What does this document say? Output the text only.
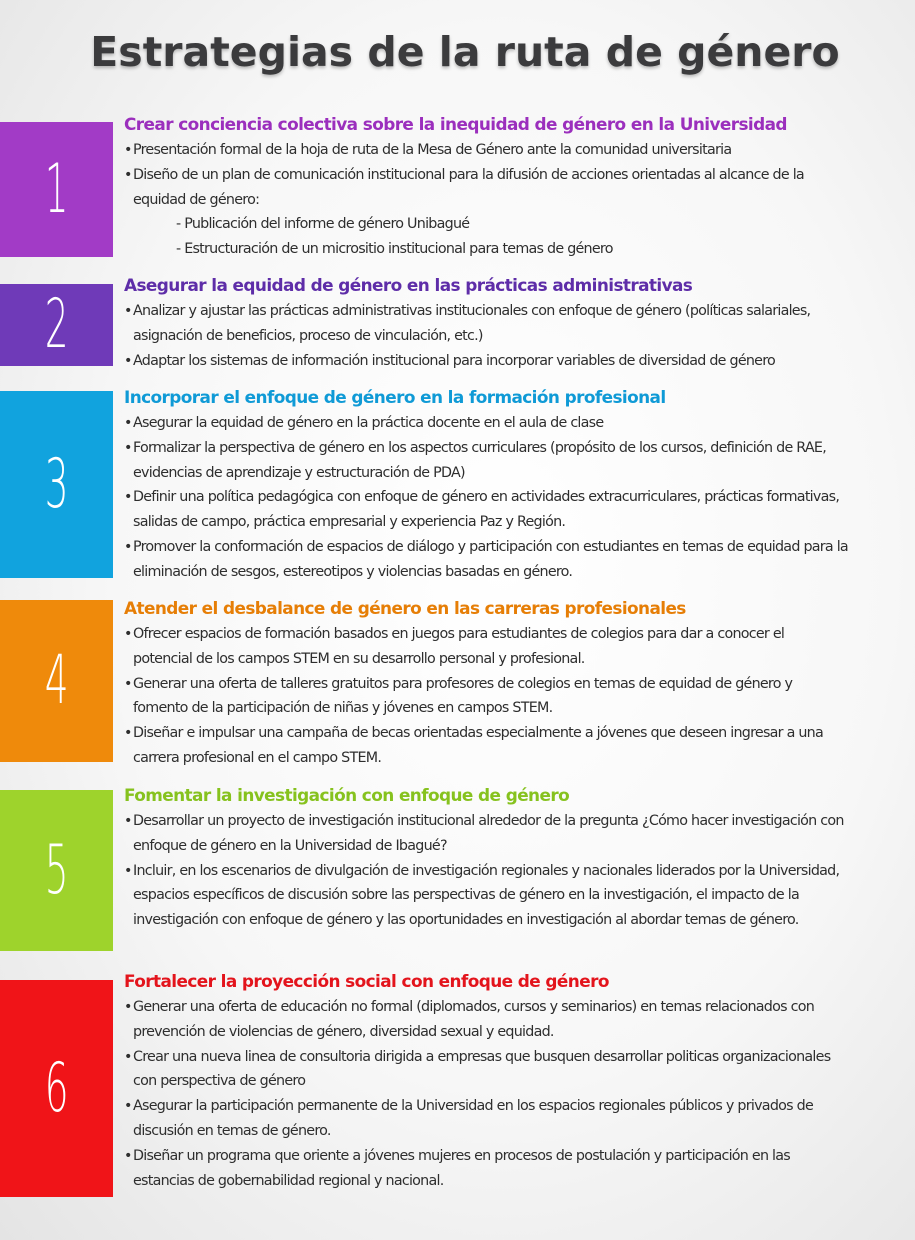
Estrategias de la ruta de género
1
Crear conciencia colectiva sobre la inequidad de género en la Universidad
• Presentación formal de la hoja de ruta de la Mesa de Género ante la comunidad universitaria
• Diseño de un plan de comunicación institucional para la difusión de acciones orientadas al alcance de la equidad de género:
- Publicación del informe de género Unibagué
- Estructuración de un micrositio institucional para temas de género
2	Asegurar la equidad de género en las prácticas administrativas
• Analizar y ajustar las prácticas administrativas institucionales con enfoque de género (políticas salariales, asignación de beneficios, proceso de vinculación, etc.)
• Adaptar los sistemas de información institucional para incorporar variables de diversidad de género
3
Incorporar el enfoque de género en la formación profesional
• Asegurar la equidad de género en la práctica docente en el aula de clase
• Formalizar la perspectiva de género en los aspectos curriculares (propósito de los cursos, definición de RAE, evidencias de aprendizaje y estructuración de PDA)
• Definir una política pedagógica con enfoque de género en actividades extracurriculares, prácticas formativas, salidas de campo, práctica empresarial y experiencia Paz y Región.
• Promover la conformación de espacios de diálogo y participación con estudiantes en temas de equidad para la eliminación de sesgos, estereotipos y violencias basadas en género.
4
Atender el desbalance de género en las carreras profesionales
• Ofrecer espacios de formación basados en juegos para estudiantes de colegios para dar a conocer el potencial de los campos STEM en su desarrollo personal y profesional.
• Generar una oferta de talleres gratuitos para profesores de colegios en temas de equidad de género y fomento de la participación de niñas y jóvenes en campos STEM.
• Diseñar e impulsar una campaña de becas orientadas especialmente a jóvenes que deseen ingresar a una carrera profesional en el campo STEM.
5
Fomentar la investigación con enfoque de género
• Desarrollar un proyecto de investigación institucional alrededor de la pregunta ¿Cómo hacer investigación con enfoque de género en la Universidad de Ibagué?
• Incluir, en los escenarios de divulgación de investigación regionales y nacionales liderados por la Universidad, espacios específicos de discusión sobre las perspectivas de género en la investigación, el impacto de la investigación con enfoque de género y las oportunidades en investigación al abordar temas de género.
6
Fortalecer la proyección social con enfoque de género
• Generar una oferta de educación no formal (diplomados, cursos y seminarios) en temas relacionados con prevención de violencias de género, diversidad sexual y equidad.
• Crear una nueva linea de consultoria dirigida a empresas que busquen desarrollar politicas organizacionales con perspectiva de género
• Asegurar la participación permanente de la Universidad en los espacios regionales públicos y privados de discusión en temas de género.
• Diseñar un programa que oriente a jóvenes mujeres en procesos de postulación y participación en las estancias de gobernabilidad regional y nacional.
